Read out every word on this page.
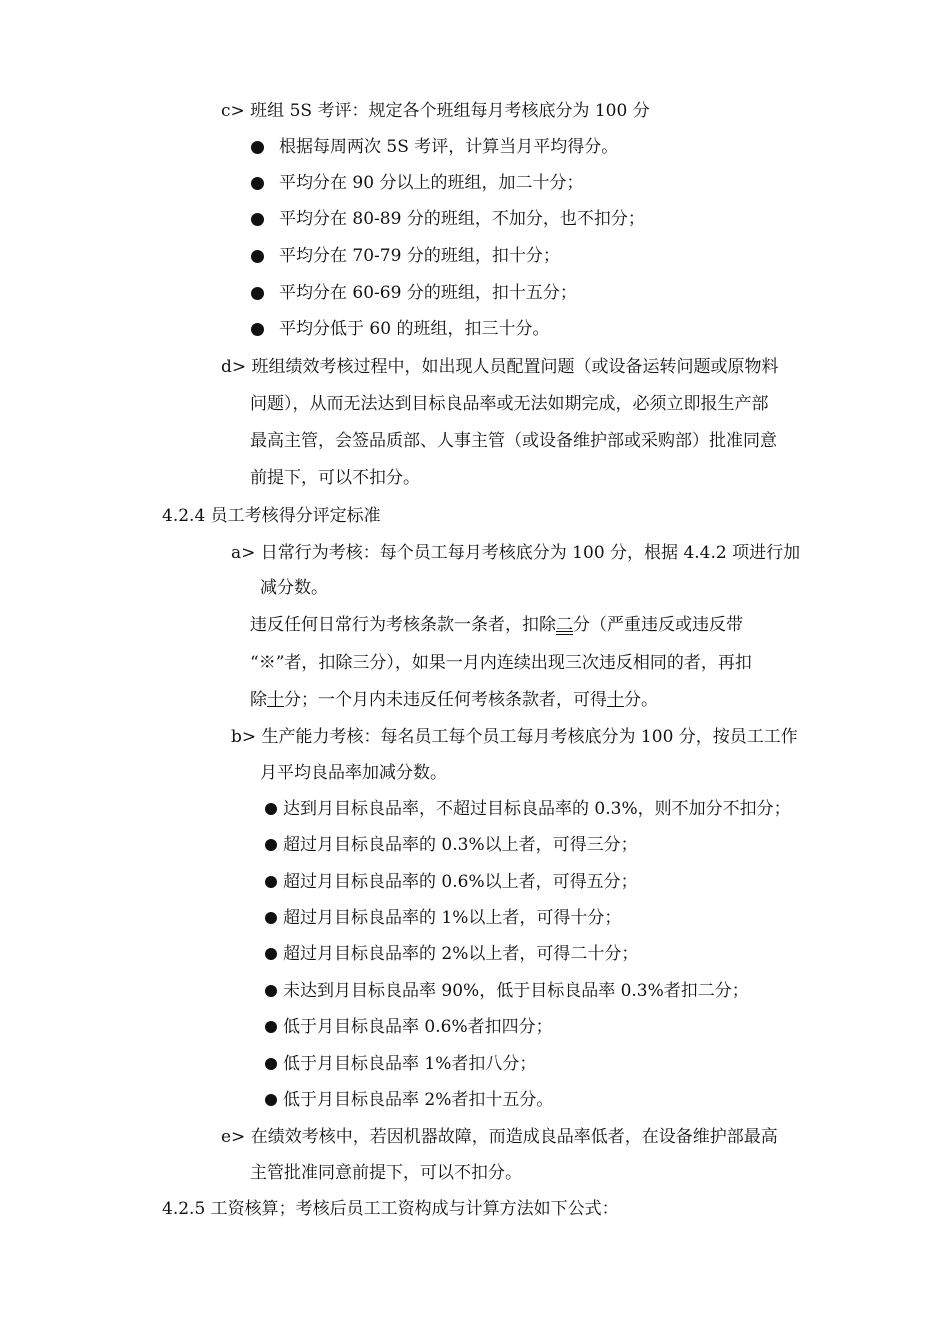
c> 班组 5S 考评：规定各个班组每月考核底分为 100 分
根据每周两次 5S 考评，计算当月平均得分。
平均分在 90 分以上的班组，加二十分；
平均分在 80-89 分的班组，不加分，也不扣分；
平均分在 70-79 分的班组，扣十分；
平均分在 60-69 分的班组，扣十五分；
平均分低于 60 的班组，扣三十分。
d> 班组绩效考核过程中，如出现人员配置问题（或设备运转问题或原物料
问题），从而无法达到目标良品率或无法如期完成，必须立即报生产部
最高主管，会签品质部、人事主管（或设备维护部或采购部）批准同意
前提下，可以不扣分。
4.2.4 员工考核得分评定标准
a> 日常行为考核：每个员工每月考核底分为 100 分，根据 4.4.2 项进行加
减分数。
违反任何日常行为考核条款一条者，扣除二分（严重违反或违反带
“※”者，扣除三分），如果一月内连续出现三次违反相同的者，再扣
除十分；一个月内未违反任何考核条款者，可得十分。
b> 生产能力考核：每名员工每个员工每月考核底分为 100 分，按员工工作
月平均良品率加减分数。
达到月目标良品率，不超过目标良品率的 0.3%，则不加分不扣分；
超过月目标良品率的 0.3%以上者，可得三分；
超过月目标良品率的 0.6%以上者，可得五分；
超过月目标良品率的 1%以上者，可得十分；
超过月目标良品率的 2%以上者，可得二十分；
未达到月目标良品率 90%，低于目标良品率 0.3%者扣二分；
低于月目标良品率 0.6%者扣四分；
低于月目标良品率 1%者扣八分；
低于月目标良品率 2%者扣十五分。
e> 在绩效考核中，若因机器故障，而造成良品率低者，在设备维护部最高
主管批准同意前提下，可以不扣分。
4.2.5 工资核算；考核后员工工资构成与计算方法如下公式：
